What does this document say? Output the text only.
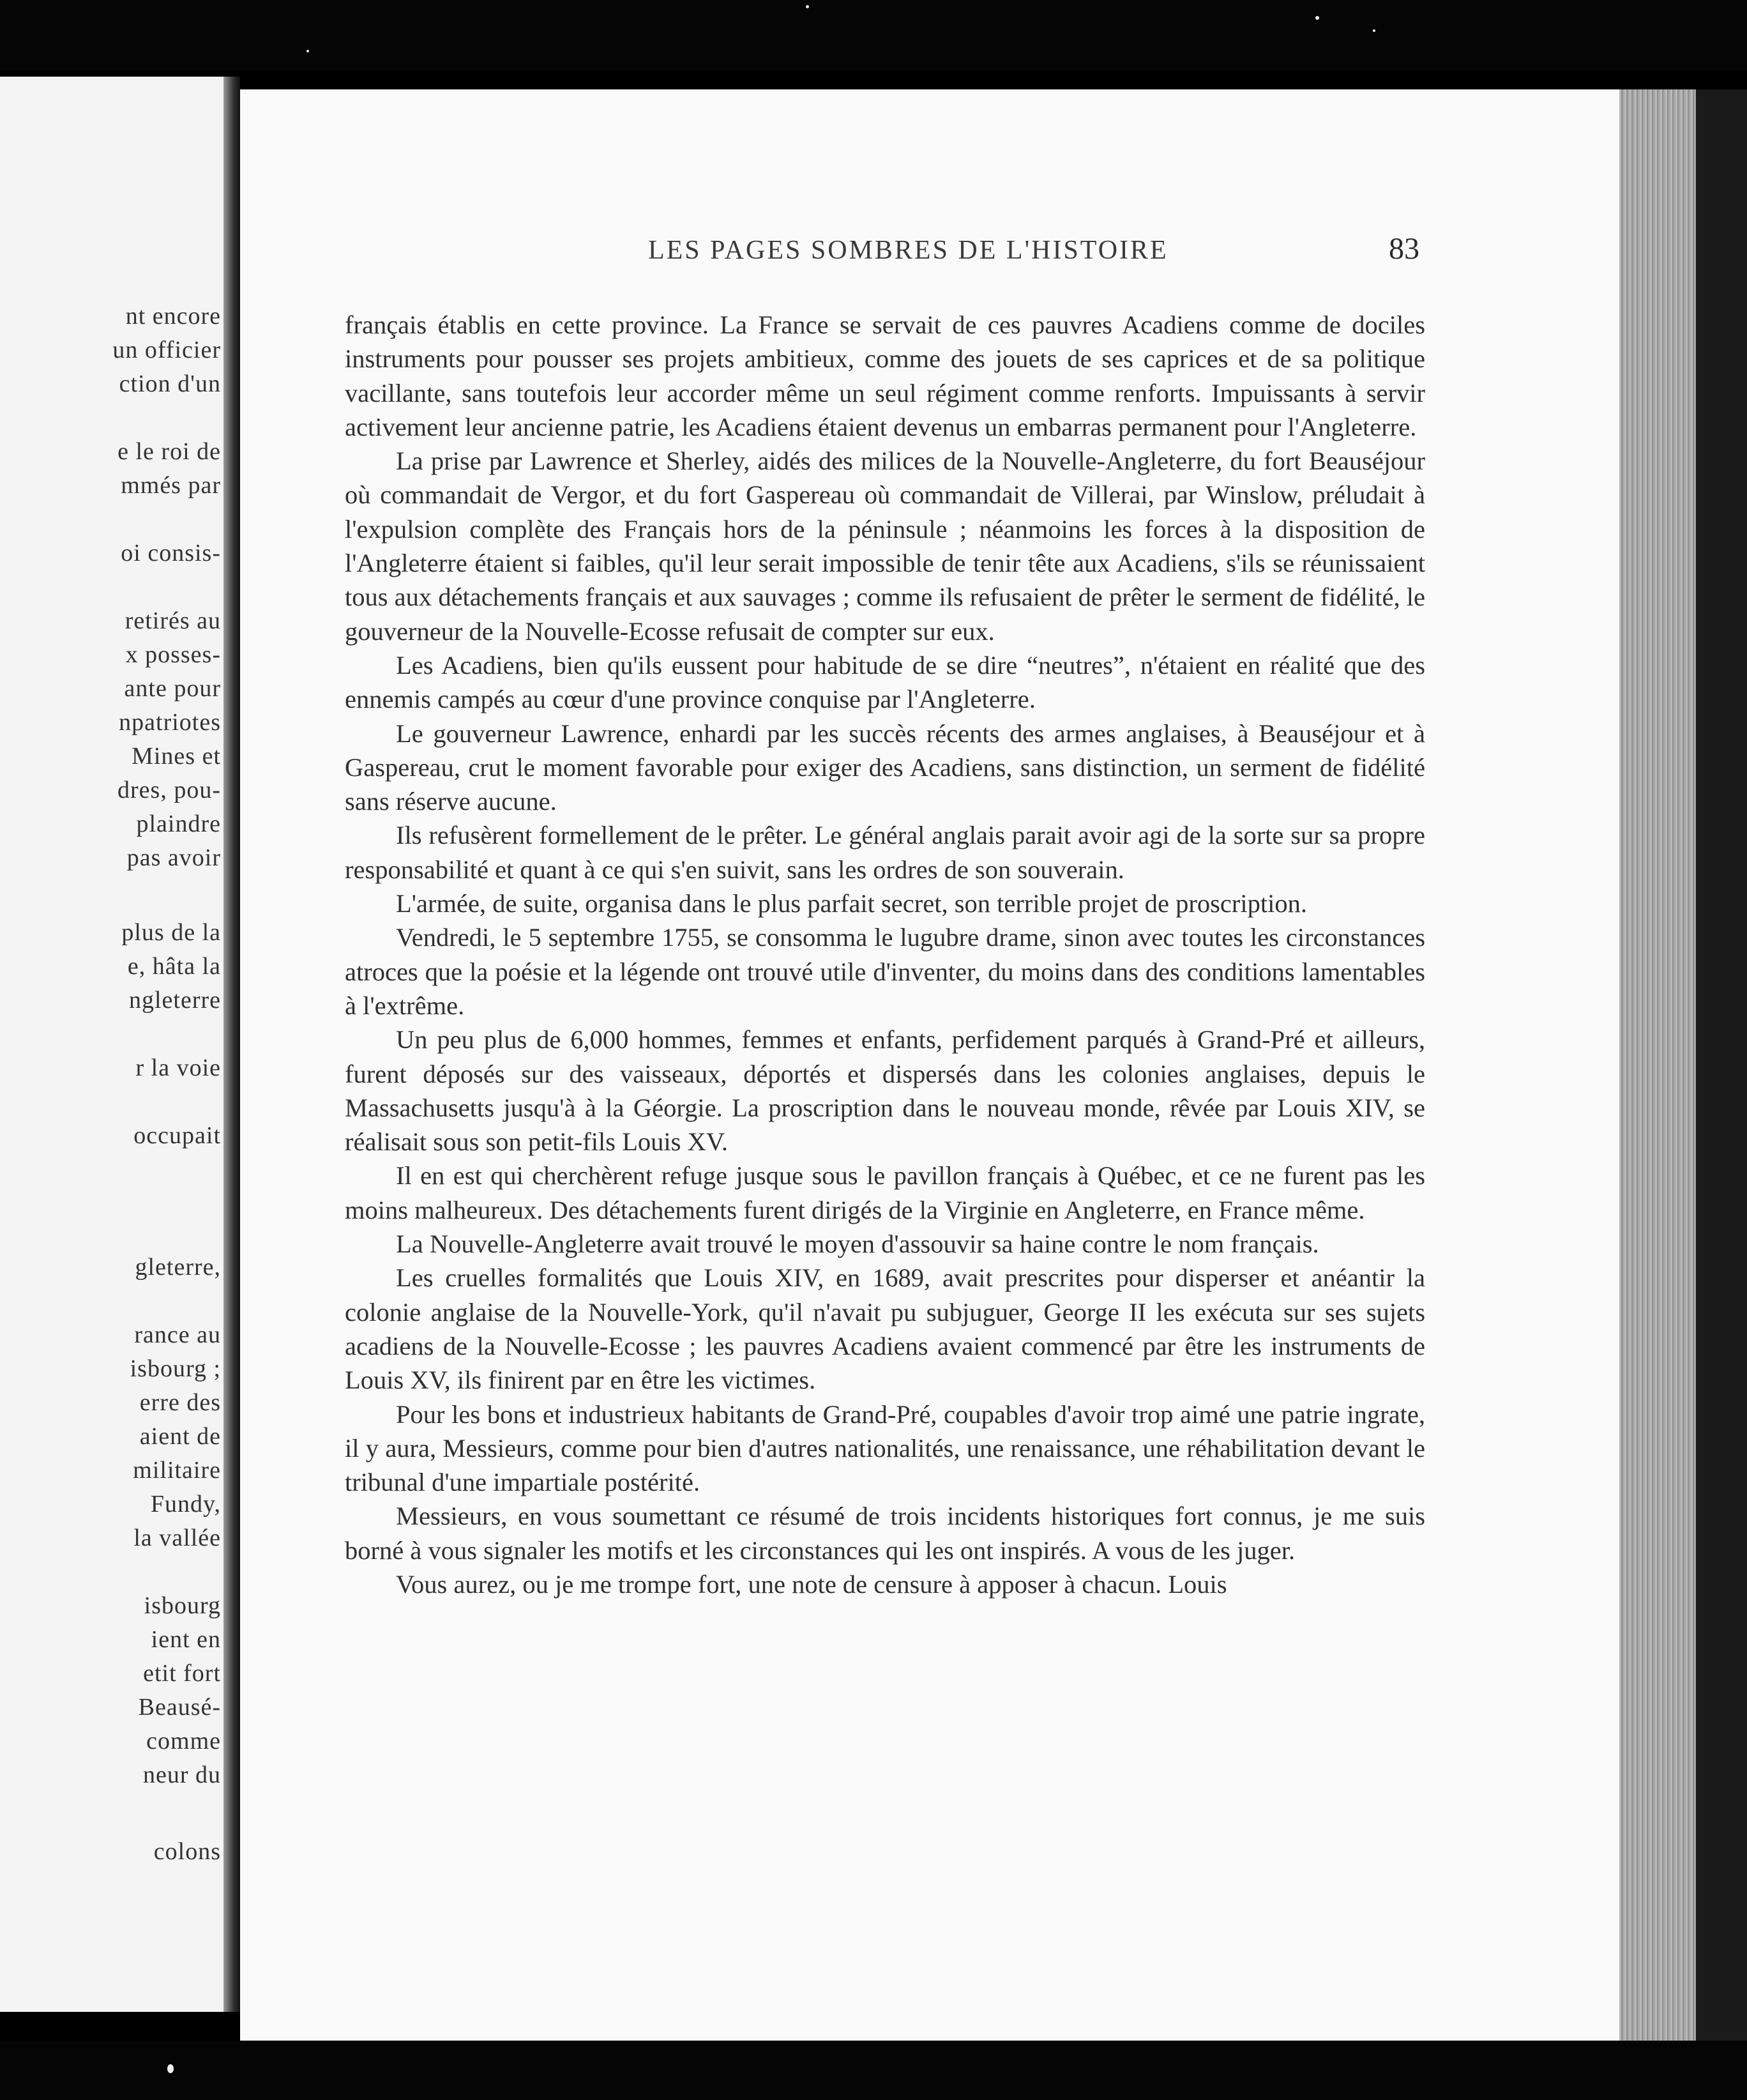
nt encore
un officier
ction d'un
e le roi de
mmés par
oi consis-
retirés au
x posses-
ante pour
npatriotes
Mines et
dres, pou-
plaindre
pas avoir
plus de la
e, hâta la
ngleterre
r la voie
occupait
gleterre,
rance au
isbourg ;
erre des
aient de
militaire
Fundy,
la vallée
isbourg
ient en
etit fort
Beausé-
comme
neur du
colons
LES PAGES SOMBRES DE L'HISTOIRE	83

français établis en cette province. La France se servait de ces pauvres Acadiens comme de dociles instruments pour pousser ses projets ambitieux, comme des jouets de ses caprices et de sa politique vacillante, sans toutefois leur accorder même un seul régiment comme renforts. Impuissants à servir activement leur ancienne patrie, les Acadiens étaient devenus un embarras permanent pour l'Angleterre.

La prise par Lawrence et Sherley, aidés des milices de la Nouvelle-Angleterre, du fort Beauséjour où commandait de Vergor, et du fort Gaspereau où commandait de Villerai, par Winslow, préludait à l'expulsion complète des Français hors de la péninsule ; néanmoins les forces à la disposition de l'Angleterre étaient si faibles, qu'il leur serait impossible de tenir tête aux Acadiens, s'ils se réunissaient tous aux détachements français et aux sauvages ; comme ils refusaient de prêter le serment de fidélité, le gouverneur de la Nouvelle-Ecosse refusait de compter sur eux.

Les Acadiens, bien qu'ils eussent pour habitude de se dire “neutres”, n'étaient en réalité que des ennemis campés au cœur d'une province conquise par l'Angleterre.

Le gouverneur Lawrence, enhardi par les succès récents des armes anglaises, à Beauséjour et à Gaspereau, crut le moment favorable pour exiger des Acadiens, sans distinction, un serment de fidélité sans réserve aucune.

Ils refusèrent formellement de le prêter. Le général anglais parait avoir agi de la sorte sur sa propre responsabilité et quant à ce qui s'en suivit, sans les ordres de son souverain.

L'armée, de suite, organisa dans le plus parfait secret, son terrible projet de proscription.

Vendredi, le 5 septembre 1755, se consomma le lugubre drame, sinon avec toutes les circonstances atroces que la poésie et la légende ont trouvé utile d'inventer, du moins dans des conditions lamentables à l'extrême.

Un peu plus de 6,000 hommes, femmes et enfants, perfidement parqués à Grand-Pré et ailleurs, furent déposés sur des vaisseaux, déportés et dispersés dans les colonies anglaises, depuis le Massachusetts jusqu'à à la Géorgie. La proscription dans le nouveau monde, rêvée par Louis XIV, se réalisait sous son petit-fils Louis XV.

Il en est qui cherchèrent refuge jusque sous le pavillon français à Québec, et ce ne furent pas les moins malheureux. Des détachements furent dirigés de la Virginie en Angleterre, en France même.

La Nouvelle-Angleterre avait trouvé le moyen d'assouvir sa haine contre le nom français.

Les cruelles formalités que Louis XIV, en 1689, avait prescrites pour disperser et anéantir la colonie anglaise de la Nouvelle-York, qu'il n'avait pu subjuguer, George II les exécuta sur ses sujets acadiens de la Nouvelle-Ecosse ; les pauvres Acadiens avaient commencé par être les instruments de Louis XV, ils finirent par en être les victimes.

Pour les bons et industrieux habitants de Grand-Pré, coupables d'avoir trop aimé une patrie ingrate, il y aura, Messieurs, comme pour bien d'autres nationalités, une renaissance, une réhabilitation devant le tribunal d'une impartiale postérité.

Messieurs, en vous soumettant ce résumé de trois incidents historiques fort connus, je me suis borné à vous signaler les motifs et les circonstances qui les ont inspirés. A vous de les juger.

Vous aurez, ou je me trompe fort, une note de censure à apposer à chacun. Louis
